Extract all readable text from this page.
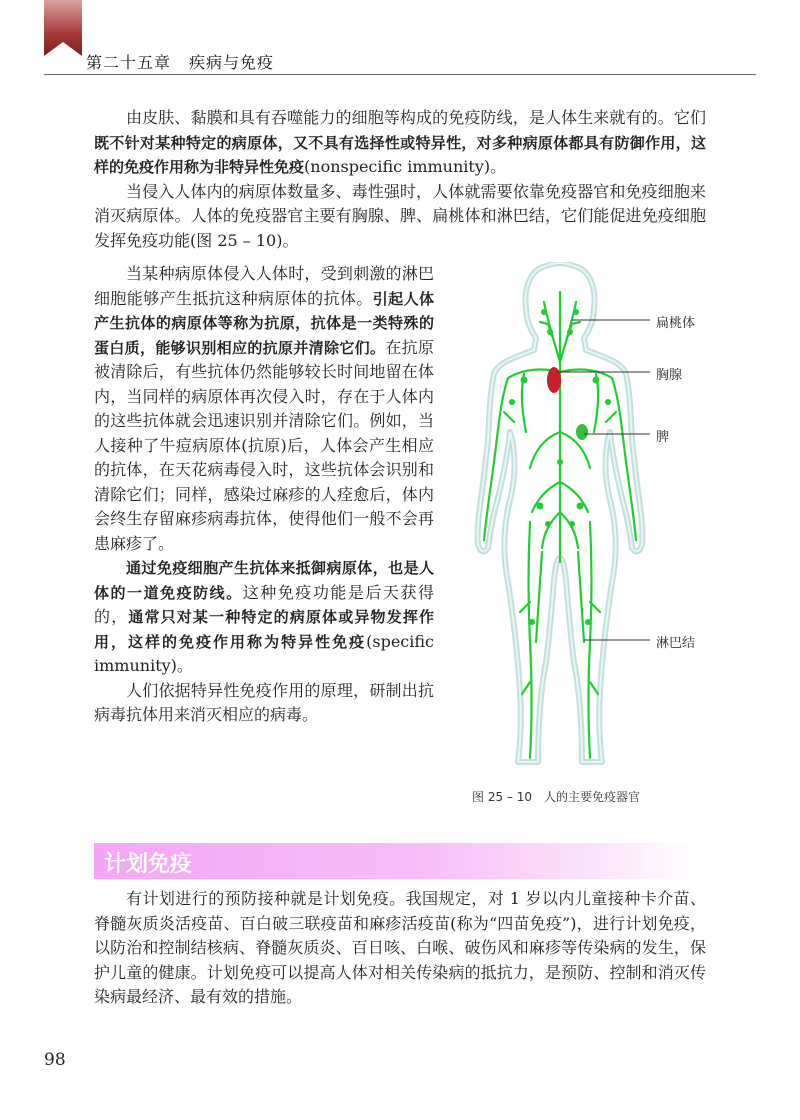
第二十五章 疾病与免疫

由皮肤、黏膜和具有吞噬能力的细胞等构成的免疫防线，是人体生来就有的。它们既不针对某种特定的病原体，又不具有选择性或特异性，对多种病原体都具有防御作用，这样的免疫作用称为非特异性免疫(nonspecific immunity)。

当侵入人体内的病原体数量多、毒性强时，人体就需要依靠免疫器官和免疫细胞来消灭病原体。人体的免疫器官主要有胸腺、脾、扁桃体和淋巴结，它们能促进免疫细胞发挥免疫功能(图 25 – 10)。

当某种病原体侵入人体时，受到刺激的淋巴细胞能够产生抵抗这种病原体的抗体。引起人体产生抗体的病原体等称为抗原，抗体是一类特殊的蛋白质，能够识别相应的抗原并清除它们。在抗原被清除后，有些抗体仍然能够较长时间地留在体内，当同样的病原体再次侵入时，存在于人体内的这些抗体就会迅速识别并清除它们。例如，当人接种了牛痘病原体(抗原)后，人体会产生相应的抗体，在天花病毒侵入时，这些抗体会识别和清除它们；同样，感染过麻疹的人痊愈后，体内会终生存留麻疹病毒抗体，使得他们一般不会再患麻疹了。

通过免疫细胞产生抗体来抵御病原体，也是人体的一道免疫防线。这种免疫功能是后天获得的，通常只对某一种特定的病原体或异物发挥作用，这样的免疫作用称为特异性免疫(specific immunity)。

人们依据特异性免疫作用的原理，研制出抗病毒抗体用来消灭相应的病毒。

扁桃体
胸腺
脾
淋巴结
图 25 – 10 人的主要免疫器官
计划免疫

有计划进行的预防接种就是计划免疫。我国规定，对 1 岁以内儿童接种卡介苗、脊髓灰质炎活疫苗、百白破三联疫苗和麻疹活疫苗(称为“四苗免疫”)，进行计划免疫，以防治和控制结核病、脊髓灰质炎、百日咳、白喉、破伤风和麻疹等传染病的发生，保护儿童的健康。计划免疫可以提高人体对相关传染病的抵抗力，是预防、控制和消灭传染病最经济、最有效的措施。

98
